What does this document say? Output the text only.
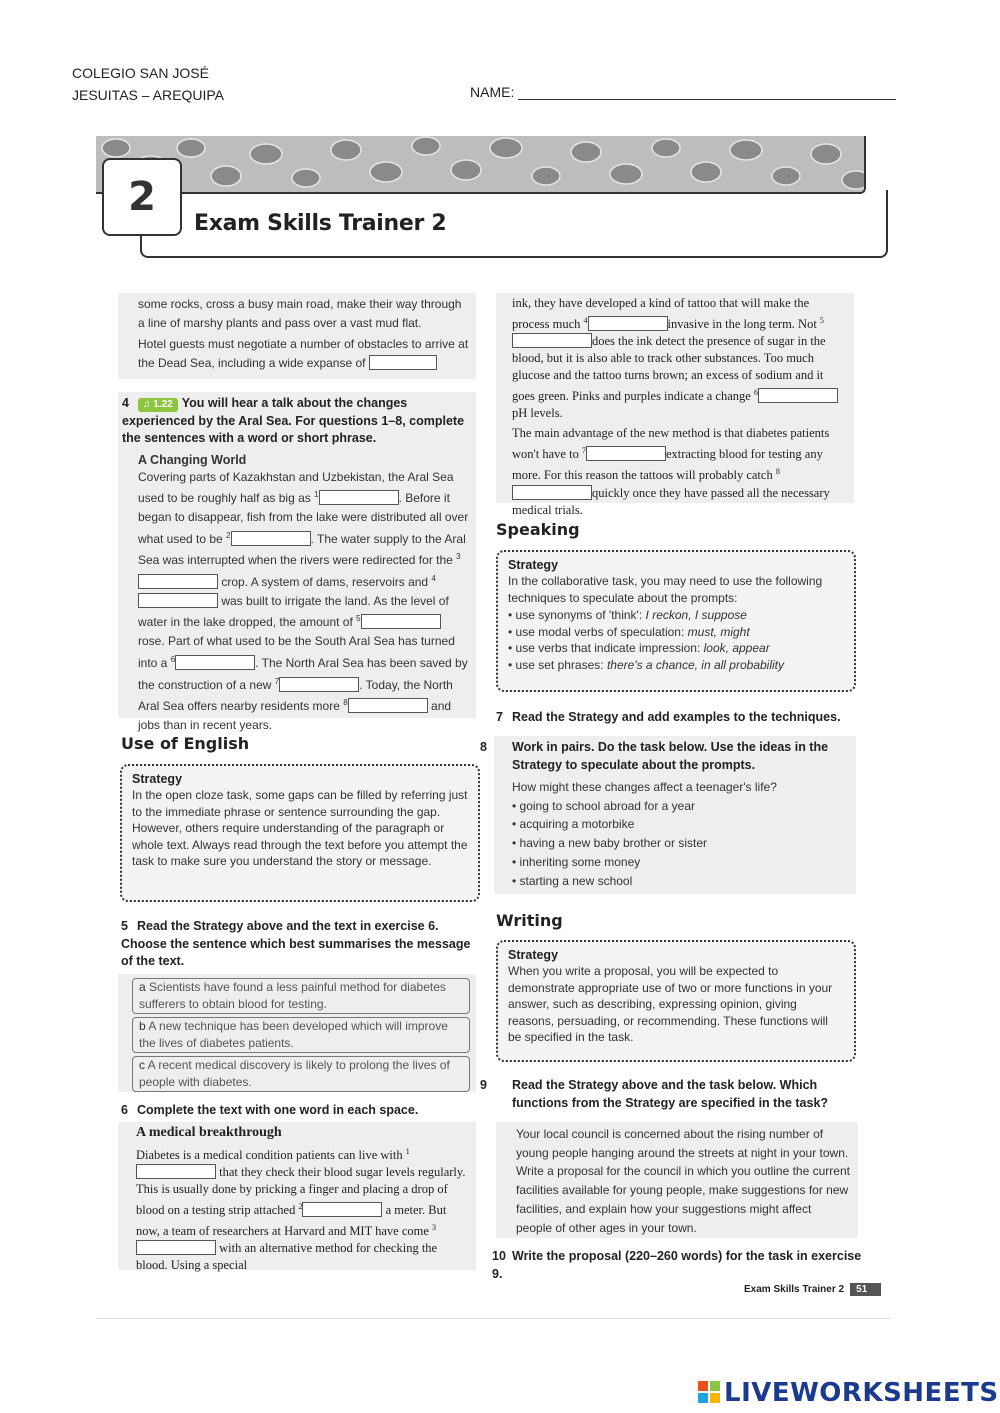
COLEGIO SAN JOSÉ
JESUITAS – AREQUIPA	NAME:
2
Exam Skills Trainer 2

some rocks, cross a busy main road, make their way through a line of marshy plants and pass over a vast mud flat.

Hotel guests must negotiate a number of obstacles to arrive at the Dead Sea, including a wide expanse of

4 ♫ 1.22 You will hear a talk about the changes experienced by the Aral Sea. For questions 1–8, complete the sentences with a word or short phrase.
A Changing World
Covering parts of Kazakhstan and Uzbekistan, the Aral Sea used to be roughly half as big as $^1$	. Before it began to disappear, fish from the lake were distributed all over what used to be $^2$	. The water supply to the Aral Sea was interrupted when the rivers were redirected for the $^3$ crop. A system of dams, reservoirs and $^4$ was built to irrigate the land. As the level of water in the lake dropped, the amount of $^5$ rose. Part of what used to be the South Aral Sea has turned into a $^6$	. The North Aral Sea has been saved by the construction of a new $^7$	. Today, the North Aral Sea offers nearby residents more $^8$	and jobs than in recent years.
Use of English
Strategy
In the open cloze task, some gaps can be filled by referring just to the immediate phrase or sentence surrounding the gap. However, others require understanding of the paragraph or whole text. Always read through the text before you attempt the task to make sure you understand the story or message.
5 Read the Strategy above and the text in exercise 6. Choose the sentence which best summarises the message of the text.
a Scientists have found a less painful method for diabetes sufferers to obtain blood for testing.
b A new technique has been developed which will improve the lives of diabetes patients.
c A recent medical discovery is likely to prolong the lives of people with diabetes.
6 Complete the text with one word in each space.
A medical breakthrough
Diabetes is a medical condition patients can live with $^1$ that they check their blood sugar levels regularly. This is usually done by pricking a finger and placing a drop of blood on a testing strip attached $^2$	a meter. But now, a team of researchers at Harvard and MIT have come $^3$ with an alternative method for checking the blood. Using a special

ink, they have developed a kind of tattoo that will make the process much $^4$	invasive in the long term. Not $^5$does the ink detect the presence of sugar in the blood, but it is also able to track other substances. Too much glucose and the tattoo turns brown; an excess of sodium and it goes green. Pinks and purples indicate a change $^6$pH levels.

The main advantage of the new method is that diabetes patients won't have to $^7$	extracting blood for testing any more. For this reason the tattoos will probably catch $^8$quickly once they have passed all the necessary medical trials.

Speaking
Strategy
In the collaborative task, you may need to use the following techniques to speculate about the prompts:
• use synonyms of 'think': I reckon, I suppose
• use modal verbs of speculation: must, might
• use verbs that indicate impression: look, appear
• use set phrases: there's a chance, in all probability
7 Read the Strategy and add examples to the techniques.
8 Work in pairs. Do the task below. Use the ideas in the Strategy to speculate about the prompts.
How might these changes affect a teenager's life?
• going to school abroad for a year
• acquiring a motorbike
• having a new baby brother or sister
• inheriting some money
• starting a new school
Writing
Strategy
When you write a proposal, you will be expected to demonstrate appropriate use of two or more functions in your answer, such as describing, expressing opinion, giving reasons, persuading, or recommending. These functions will be specified in the task.
9 Read the Strategy above and the task below. Which functions from the Strategy are specified in the task?
Your local council is concerned about the rising number of young people hanging around the streets at night in your town. Write a proposal for the council in which you outline the current facilities available for young people, make suggestions for new facilities, and explain how your suggestions might affect people of other ages in your town.
10 Write the proposal (220–260 words) for the task in exercise 9.
Exam Skills Trainer 2	51
LIVEWORKSHEETS
